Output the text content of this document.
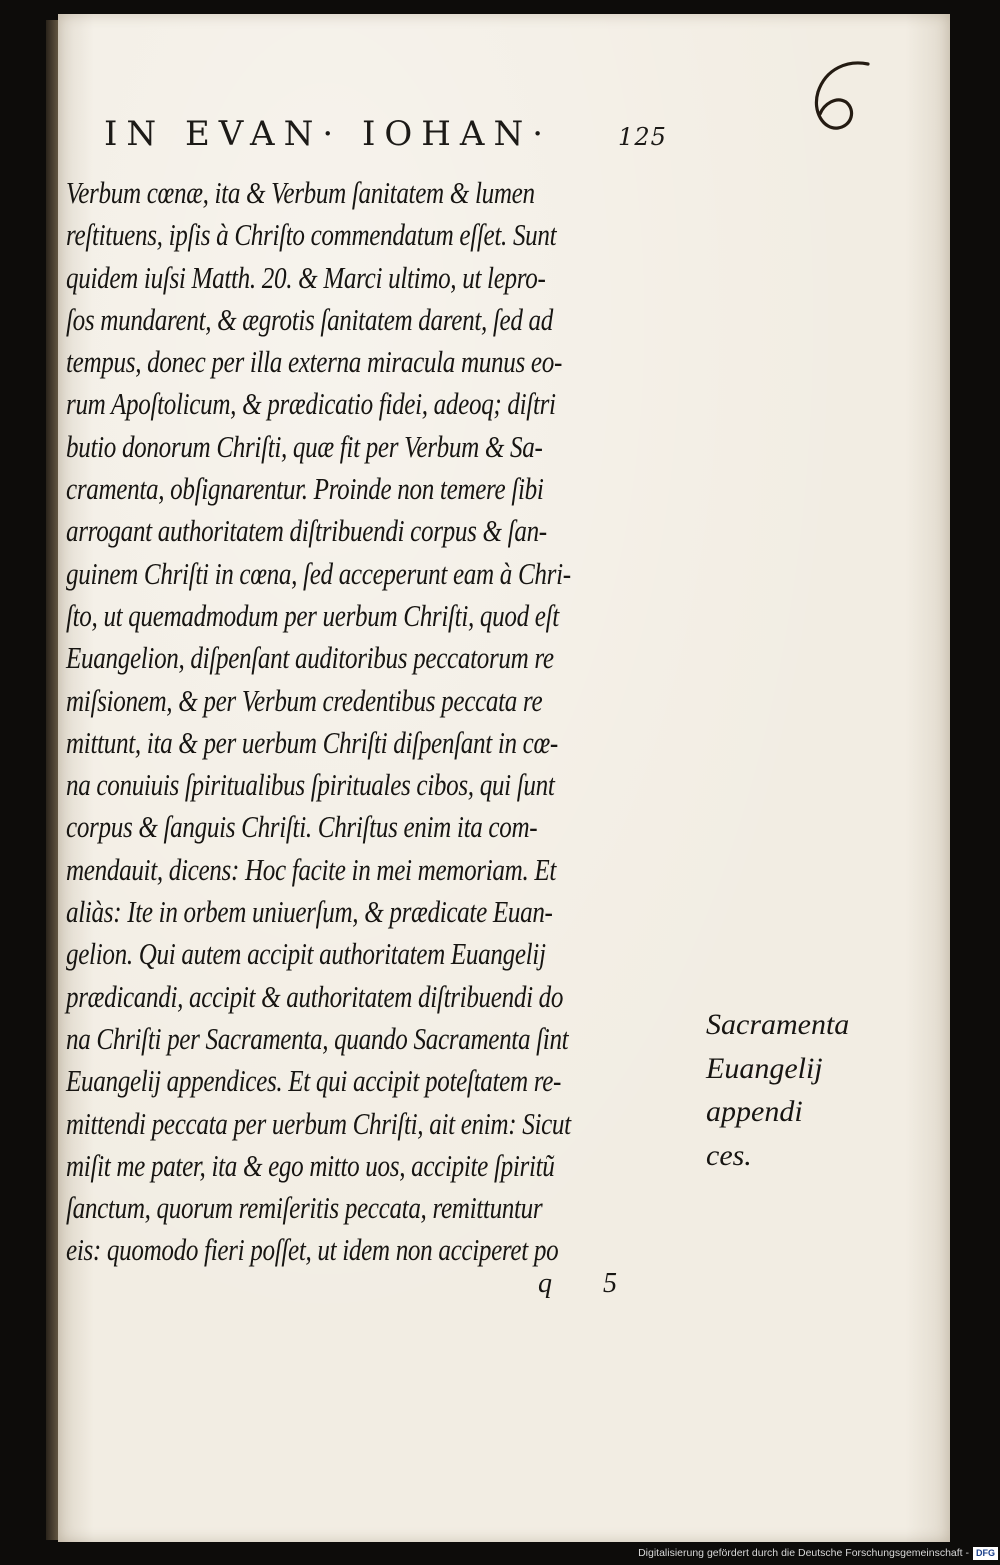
IN EVAN· IOHAN·	125
Verbum cœnæ, ita & Verbum ſanitatem & lumen
reſtituens, ipſis à Chriſto commendatum eſſet. Sunt
quidem iuſsi Matth. 20. & Marci ultimo, ut lepro-
ſos mundarent, & ægrotis ſanitatem darent, ſed ad
tempus, donec per illa externa miracula munus eo-
rum Apoſtolicum, & prædicatio fidei, adeoq; diſtri
butio donorum Chriſti, quæ fit per Verbum & Sa-
cramenta, obſignarentur. Proinde non temere ſibi
arrogant authoritatem diſtribuendi corpus & ſan-
guinem Chriſti in cœna, ſed acceperunt eam à Chri-
ſto, ut quemadmodum per uerbum Chriſti, quod eſt
Euangelion, diſpenſant auditoribus peccatorum re
miſsionem, & per Verbum credentibus peccata re
mittunt, ita & per uerbum Chriſti diſpenſant in cœ-
na conuiuis ſpiritualibus ſpirituales cibos, qui ſunt
corpus & ſanguis Chriſti. Chriſtus enim ita com-
mendauit, dicens: Hoc facite in mei memoriam. Et
aliàs: Ite in orbem uniuerſum, & prædicate Euan-
gelion. Qui autem accipit authoritatem Euangelij
prædicandi, accipit & authoritatem diſtribuendi do
na Chriſti per Sacramenta, quando Sacramenta ſint
Euangelij appendices. Et qui accipit poteſtatem re-
mittendi peccata per uerbum Chriſti, ait enim: Sicut
miſit me pater, ita & ego mitto uos, accipite ſpiritũ
ſanctum, quorum remiſeritis peccata, remittuntur
eis: quomodo fieri poſſet, ut idem non acciperet po
Sacramenta
Euangelij
appendi
ces.
q 5
Digitalisierung gefördert durch die Deutsche Forschungsgemeinschaft - DFG
